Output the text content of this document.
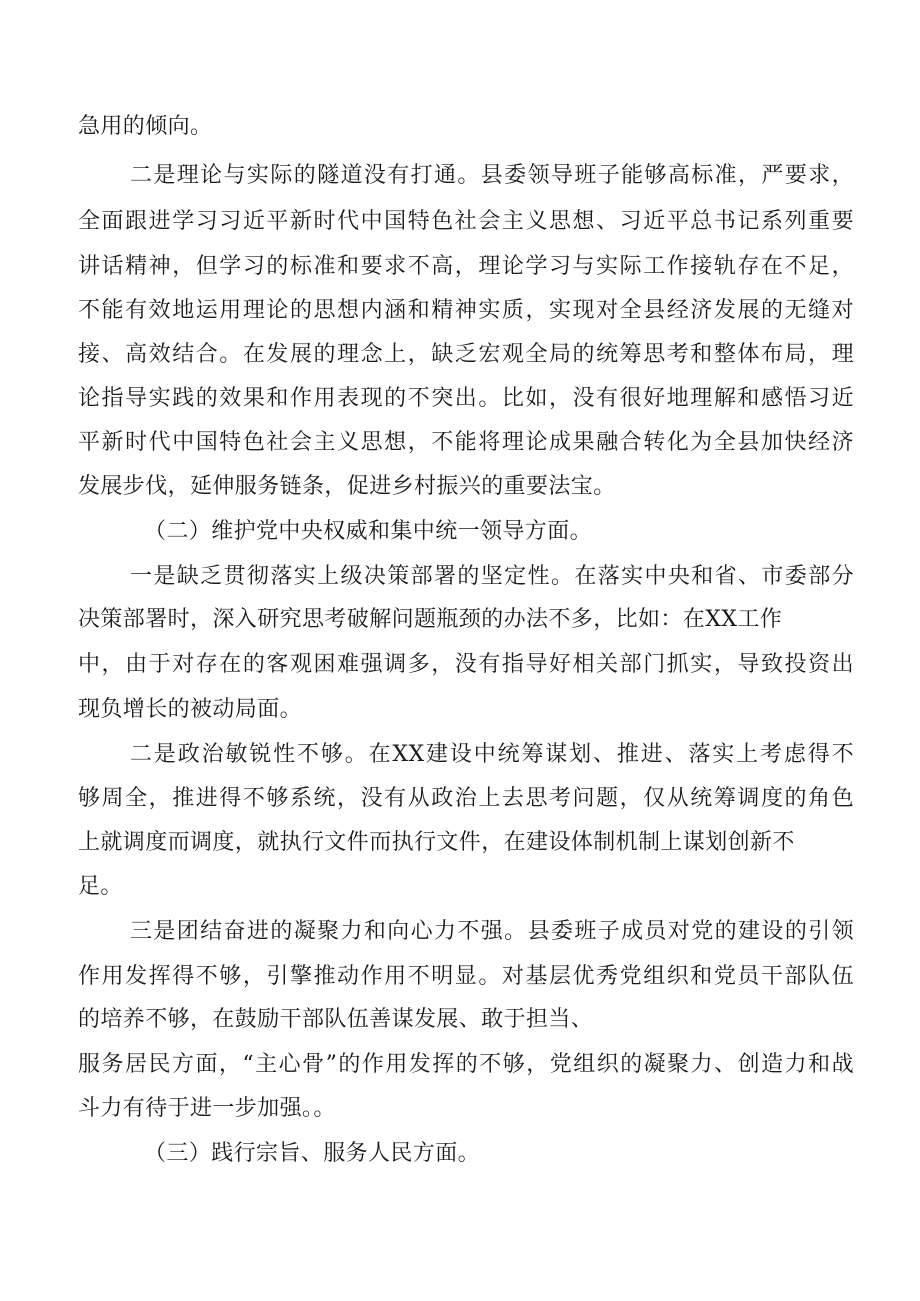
急用的倾向。
二是理论与实际的隧道没有打通。县委领导班子能够高标准，严要求，
全面跟进学习习近平新时代中国特色社会主义思想、习近平总书记系列重要
讲话精神，但学习的标准和要求不高，理论学习与实际工作接轨存在不足，
不能有效地运用理论的思想内涵和精神实质，实现对全县经济发展的无缝对
接、高效结合。在发展的理念上，缺乏宏观全局的统筹思考和整体布局，理
论指导实践的效果和作用表现的不突出。比如，没有很好地理解和感悟习近
平新时代中国特色社会主义思想，不能将理论成果融合转化为全县加快经济
发展步伐，延伸服务链条，促进乡村振兴的重要法宝。
（二）维护党中央权威和集中统一领导方面。
一是缺乏贯彻落实上级决策部署的坚定性。在落实中央和省、市委部分
决策部署时，深入研究思考破解问题瓶颈的办法不多，比如：在XX工作
中，由于对存在的客观困难强调多，没有指导好相关部门抓实，导致投资出
现负增长的被动局面。
二是政治敏锐性不够。在XX建设中统筹谋划、推进、落实上考虑得不
够周全，推进得不够系统，没有从政治上去思考问题，仅从统筹调度的角色
上就调度而调度，就执行文件而执行文件，在建设体制机制上谋划创新不
足。
三是团结奋进的凝聚力和向心力不强。县委班子成员对党的建设的引领
作用发挥得不够，引擎推动作用不明显。对基层优秀党组织和党员干部队伍
的培养不够，在鼓励干部队伍善谋发展、敢于担当、
服务居民方面，“主心骨”的作用发挥的不够，党组织的凝聚力、创造力和战
斗力有待于进一步加强。。
（三）践行宗旨、服务人民方面。
